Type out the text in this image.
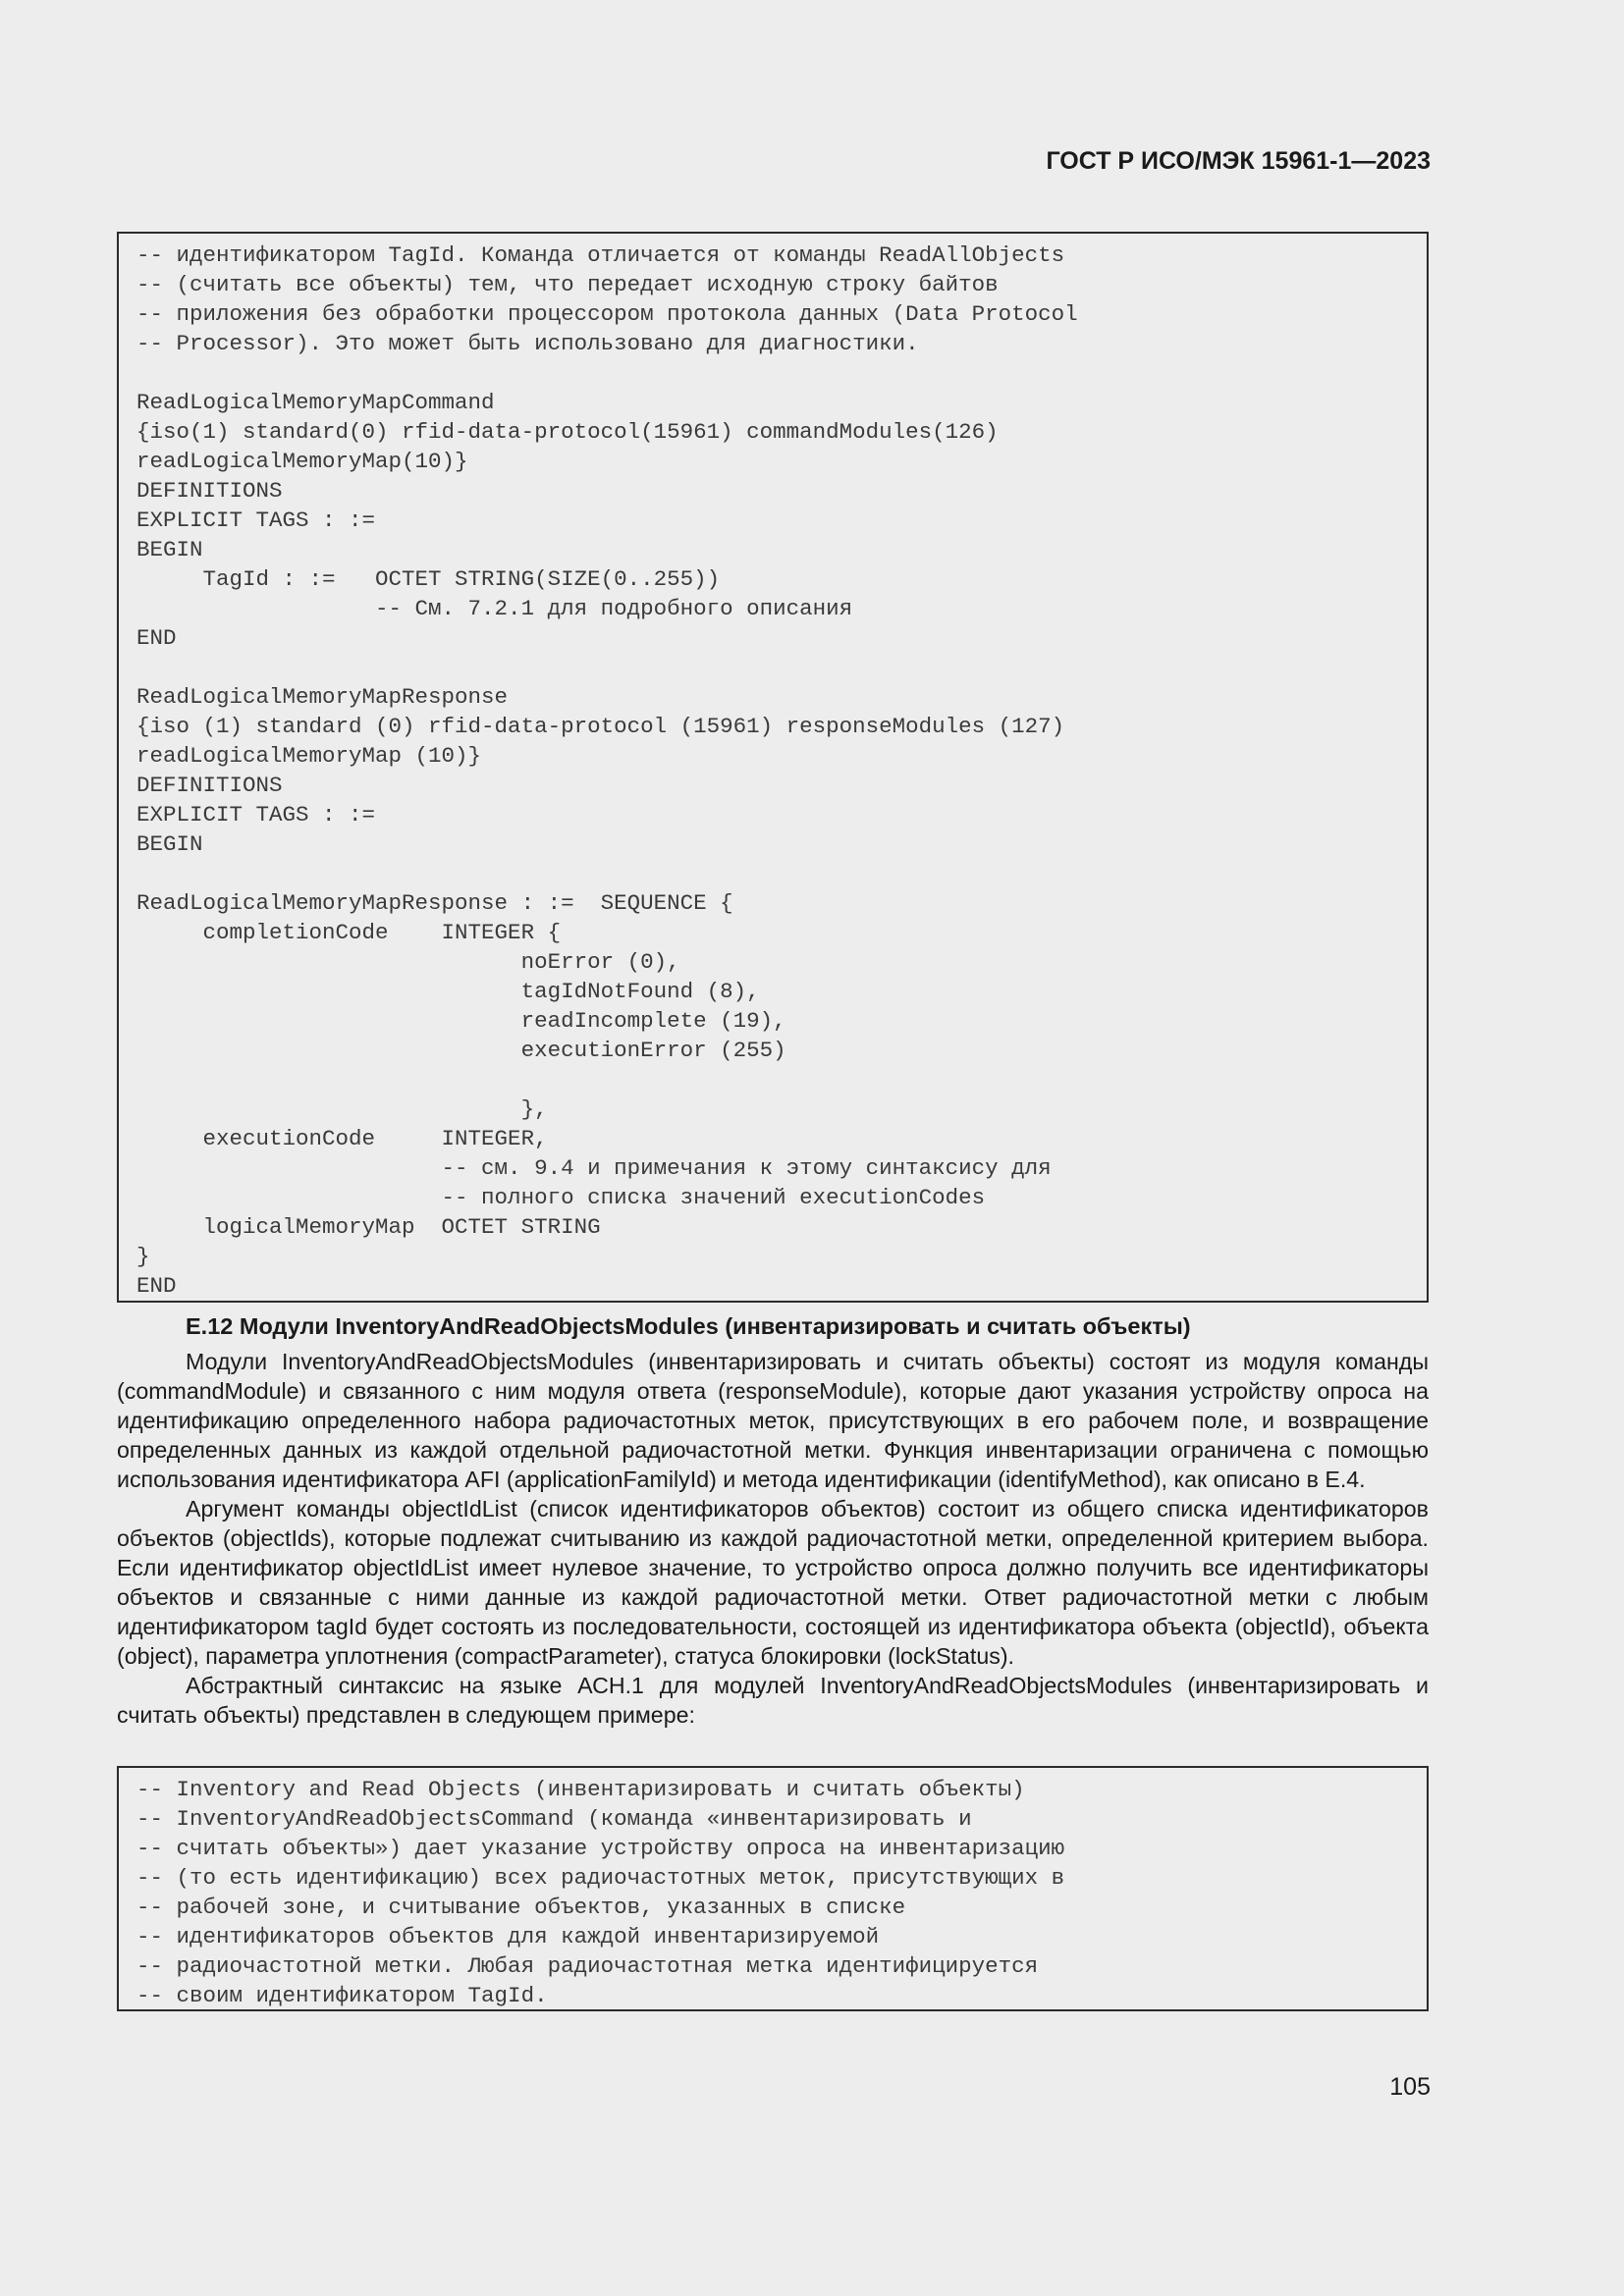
ГОСТ Р ИСО/МЭК 15961-1—2023
-- идентификатором TagId. Команда отличается от команды ReadAllObjects
-- (считать все объекты) тем, что передает исходную строку байтов
-- приложения без обработки процессором протокола данных (Data Protocol
-- Processor). Это может быть использовано для диагностики.

ReadLogicalMemoryMapCommand
{iso(1) standard(0) rfid-data-protocol(15961) commandModules(126)
readLogicalMemoryMap(10)}
DEFINITIONS
EXPLICIT TAGS : :=
BEGIN
TagId : :=   OCTET STRING(SIZE(0..255))
-- См. 7.2.1 для подробного описания
END

ReadLogicalMemoryMapResponse
{iso (1) standard (0) rfid-data-protocol (15961) responseModules (127)
readLogicalMemoryMap (10)}
DEFINITIONS
EXPLICIT TAGS : :=
BEGIN

ReadLogicalMemoryMapResponse : :=  SEQUENCE {
completionCode    INTEGER {
noError (0),
tagIdNotFound (8),
readIncomplete (19),
executionError (255)

},
executionCode     INTEGER,
-- см. 9.4 и примечания к этому синтаксису для
-- полного списка значений executionCodes
logicalMemoryMap  OCTET STRING
}
END
E.12 Модули InventoryAndReadObjectsModules (инвентаризировать и считать объекты)

Модули InventoryAndReadObjectsModules (инвентаризировать и считать объекты) состоят из модуля команды (commandModule) и связанного с ним модуля ответа (responseModule), которые дают указания устройству опроса на идентификацию определенного набора радиочастотных меток, присутствующих в его рабочем поле, и возвращение определенных данных из каждой отдельной радиочастотной метки. Функция инвентаризации ограничена с помощью использования идентификатора AFI (applicationFamilyId) и метода идентификации (identifyMethod), как описано в Е.4.

Аргумент команды objectIdList (список идентификаторов объектов) состоит из общего списка идентификаторов объектов (objectIds), которые подлежат считыванию из каждой радиочастотной метки, определенной критерием выбора. Если идентификатор objectIdList имеет нулевое значение, то устройство опроса должно получить все идентификаторы объектов и связанные с ними данные из каждой радиочастотной метки. Ответ радиочастотной метки с любым идентификатором tagId будет состоять из последовательности, состоящей из идентификатора объекта (objectId), объекта (object), параметра уплотнения (compactParameter), статуса блокировки (lockStatus).

Абстрактный синтаксис на языке АСН.1 для модулей InventoryAndReadObjectsModules (инвентаризировать и считать объекты) представлен в следующем примере:

-- Inventory and Read Objects (инвентаризировать и считать объекты)
-- InventoryAndReadObjectsCommand (команда «инвентаризировать и
-- считать объекты») дает указание устройству опроса на инвентаризацию
-- (то есть идентификацию) всех радиочастотных меток, присутствующих в
-- рабочей зоне, и считывание объектов, указанных в списке
-- идентификаторов объектов для каждой инвентаризируемой
-- радиочастотной метки. Любая радиочастотная метка идентифицируется
-- своим идентификатором TagId.
105
